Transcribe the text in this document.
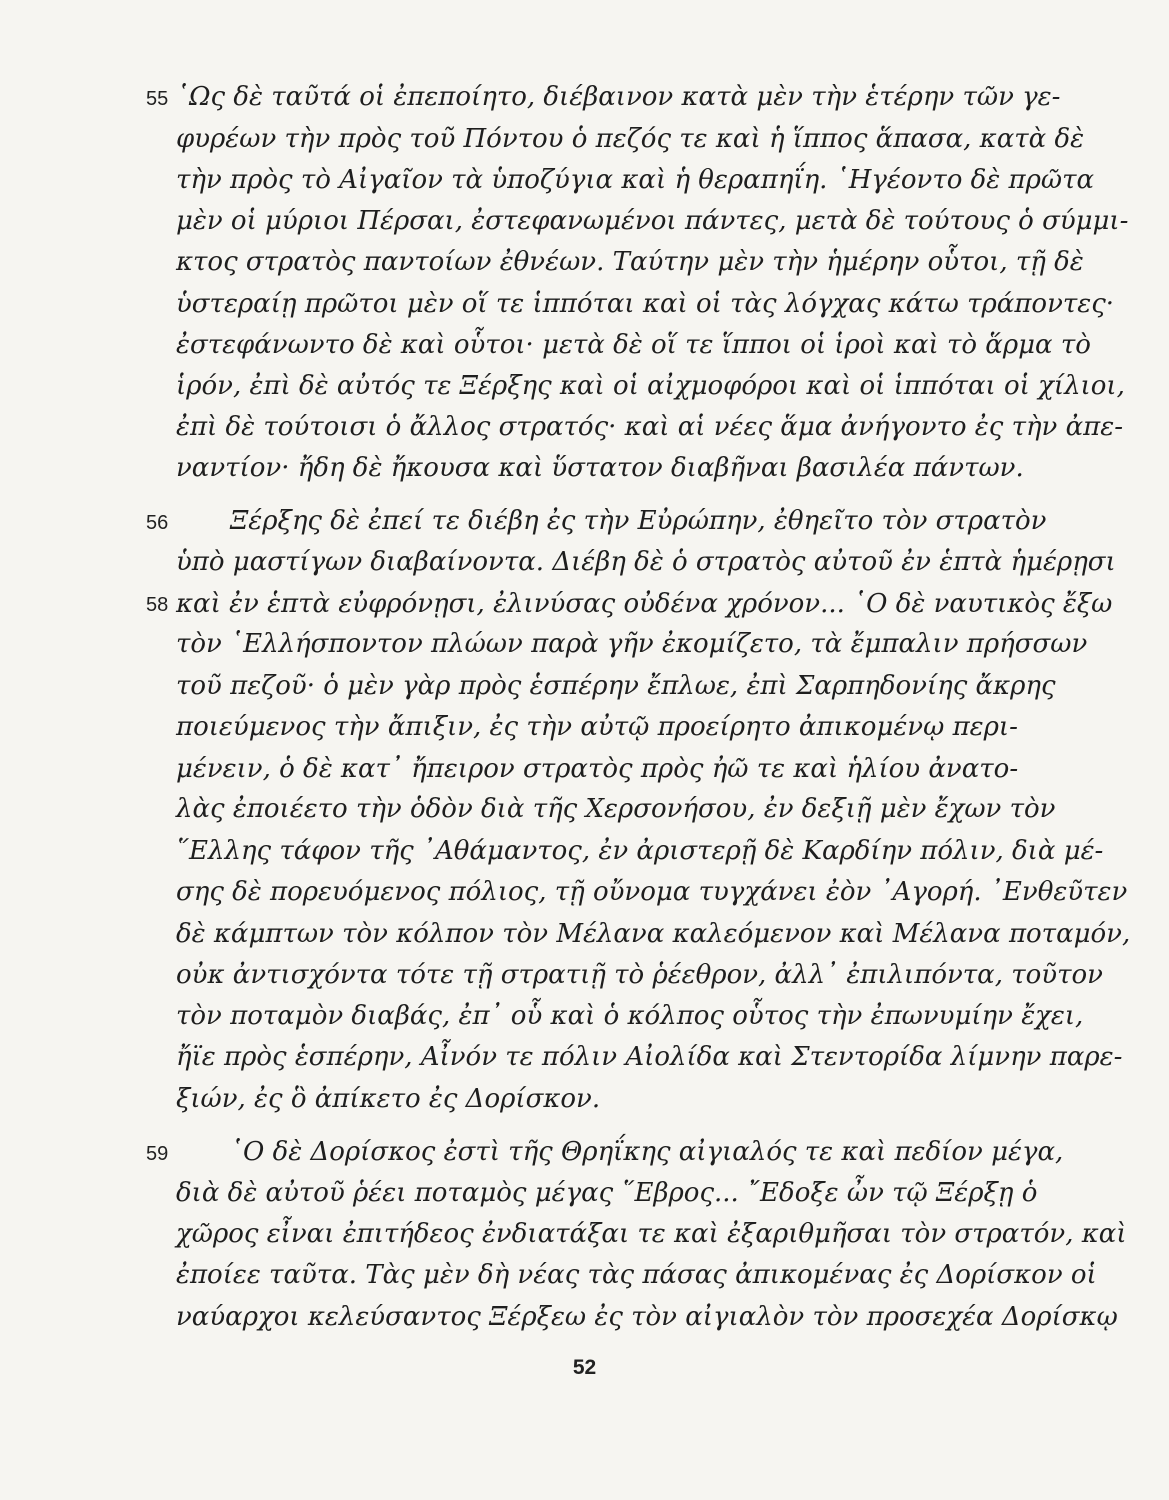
55 ῾Ως δὲ ταῦτά οἱ ἐπεποίητο, διέβαινον κατὰ μὲν τὴν ἑτέρην τῶν γε-
φυρέων τὴν πρὸς τοῦ Πόντου ὁ πεζός τε καὶ ἡ ἵππος ἅπασα, κατὰ δὲ
τὴν πρὸς τὸ Αἰγαῖον τὰ ὑποζύγια καὶ ἡ θεραπηΐη. ῾Ηγέοντο δὲ πρῶτα
μὲν οἱ μύριοι Πέρσαι, ἐστεφανωμένοι πάντες, μετὰ δὲ τούτους ὁ σύμμι-
κτος στρατὸς παντοίων ἐθνέων. Ταύτην μὲν τὴν ἡμέρην οὗτοι, τῇ δὲ
ὑστεραίῃ πρῶτοι μὲν οἵ τε ἱππόται καὶ οἱ τὰς λόγχας κάτω τράποντες·
ἐστεφάνωντο δὲ καὶ οὗτοι· μετὰ δὲ οἵ τε ἵπποι οἱ ἱροὶ καὶ τὸ ἅρμα τὸ
ἱρόν, ἐπὶ δὲ αὐτός τε Ξέρξης καὶ οἱ αἰχμοφόροι καὶ οἱ ἱππόται οἱ χίλιοι,
ἐπὶ δὲ τούτοισι ὁ ἄλλος στρατός· καὶ αἱ νέες ἅμα ἀνήγοντο ἐς τὴν ἀπε-
ναντίον· ἤδη δὲ ἤκουσα καὶ ὕστατον διαβῆναι βασιλέα πάντων.
56 Ξέρξης δὲ ἐπεί τε διέβη ἐς τὴν Εὐρώπην, ἐθηεῖτο τὸν στρατὸν
ὑπὸ μαστίγων διαβαίνοντα. Διέβη δὲ ὁ στρατὸς αὐτοῦ ἐν ἑπτὰ ἡμέρῃσι
58 καὶ ἐν ἑπτὰ εὐφρόνῃσι, ἐλινύσας οὐδένα χρόνον... ῾Ο δὲ ναυτικὸς ἔξω
τὸν ῾Ελλήσποντον πλώων παρὰ γῆν ἐκομίζετο, τὰ ἔμπαλιν πρήσσων
τοῦ πεζοῦ· ὁ μὲν γὰρ πρὸς ἑσπέρην ἔπλωε, ἐπὶ Σαρπηδονίης ἄκρης
ποιεύμενος τὴν ἄπιξιν, ἐς τὴν αὐτῷ προείρητο ἀπικομένῳ περι-
μένειν, ὁ δὲ κατ᾿ ἤπειρον στρατὸς πρὸς ἠῶ τε καὶ ἡλίου ἀνατο-
λὰς ἐποιέετο τὴν ὁδὸν διὰ τῆς Χερσονήσου, ἐν δεξιῇ μὲν ἔχων τὸν
῞Ελλης τάφον τῆς ᾿Αθάμαντος, ἐν ἀριστερῇ δὲ Καρδίην πόλιν, διὰ μέ-
σης δὲ πορευόμενος πόλιος, τῇ οὔνομα τυγχάνει ἐὸν ᾿Αγορή. ᾿Ενθεῦτεν
δὲ κάμπτων τὸν κόλπον τὸν Μέλανα καλεόμενον καὶ Μέλανα ποταμόν,
οὐκ ἀντισχόντα τότε τῇ στρατιῇ τὸ ῥέεθρον, ἀλλ᾿ ἐπιλιπόντα, τοῦτον
τὸν ποταμὸν διαβάς, ἐπ᾿ οὗ καὶ ὁ κόλπος οὗτος τὴν ἐπωνυμίην ἔχει,
ἤϊε πρὸς ἑσπέρην, Αἶνόν τε πόλιν Αἰολίδα καὶ Στεντορίδα λίμνην παρε-
ξιών, ἐς ὃ ἀπίκετο ἐς Δορίσκον.
59 ῾Ο δὲ Δορίσκος ἐστὶ τῆς Θρηΐκης αἰγιαλός τε καὶ πεδίον μέγα,
διὰ δὲ αὐτοῦ ῥέει ποταμὸς μέγας ῞Εβρος... ῎Εδοξε ὦν τῷ Ξέρξῃ ὁ
χῶρος εἶναι ἐπιτήδεος ἐνδιατάξαι τε καὶ ἐξαριθμῆσαι τὸν στρατόν, καὶ
ἐποίεε ταῦτα. Τὰς μὲν δὴ νέας τὰς πάσας ἀπικομένας ἐς Δορίσκον οἱ
ναύαρχοι κελεύσαντος Ξέρξεω ἐς τὸν αἰγιαλὸν τὸν προσεχέα Δορίσκῳ
52
